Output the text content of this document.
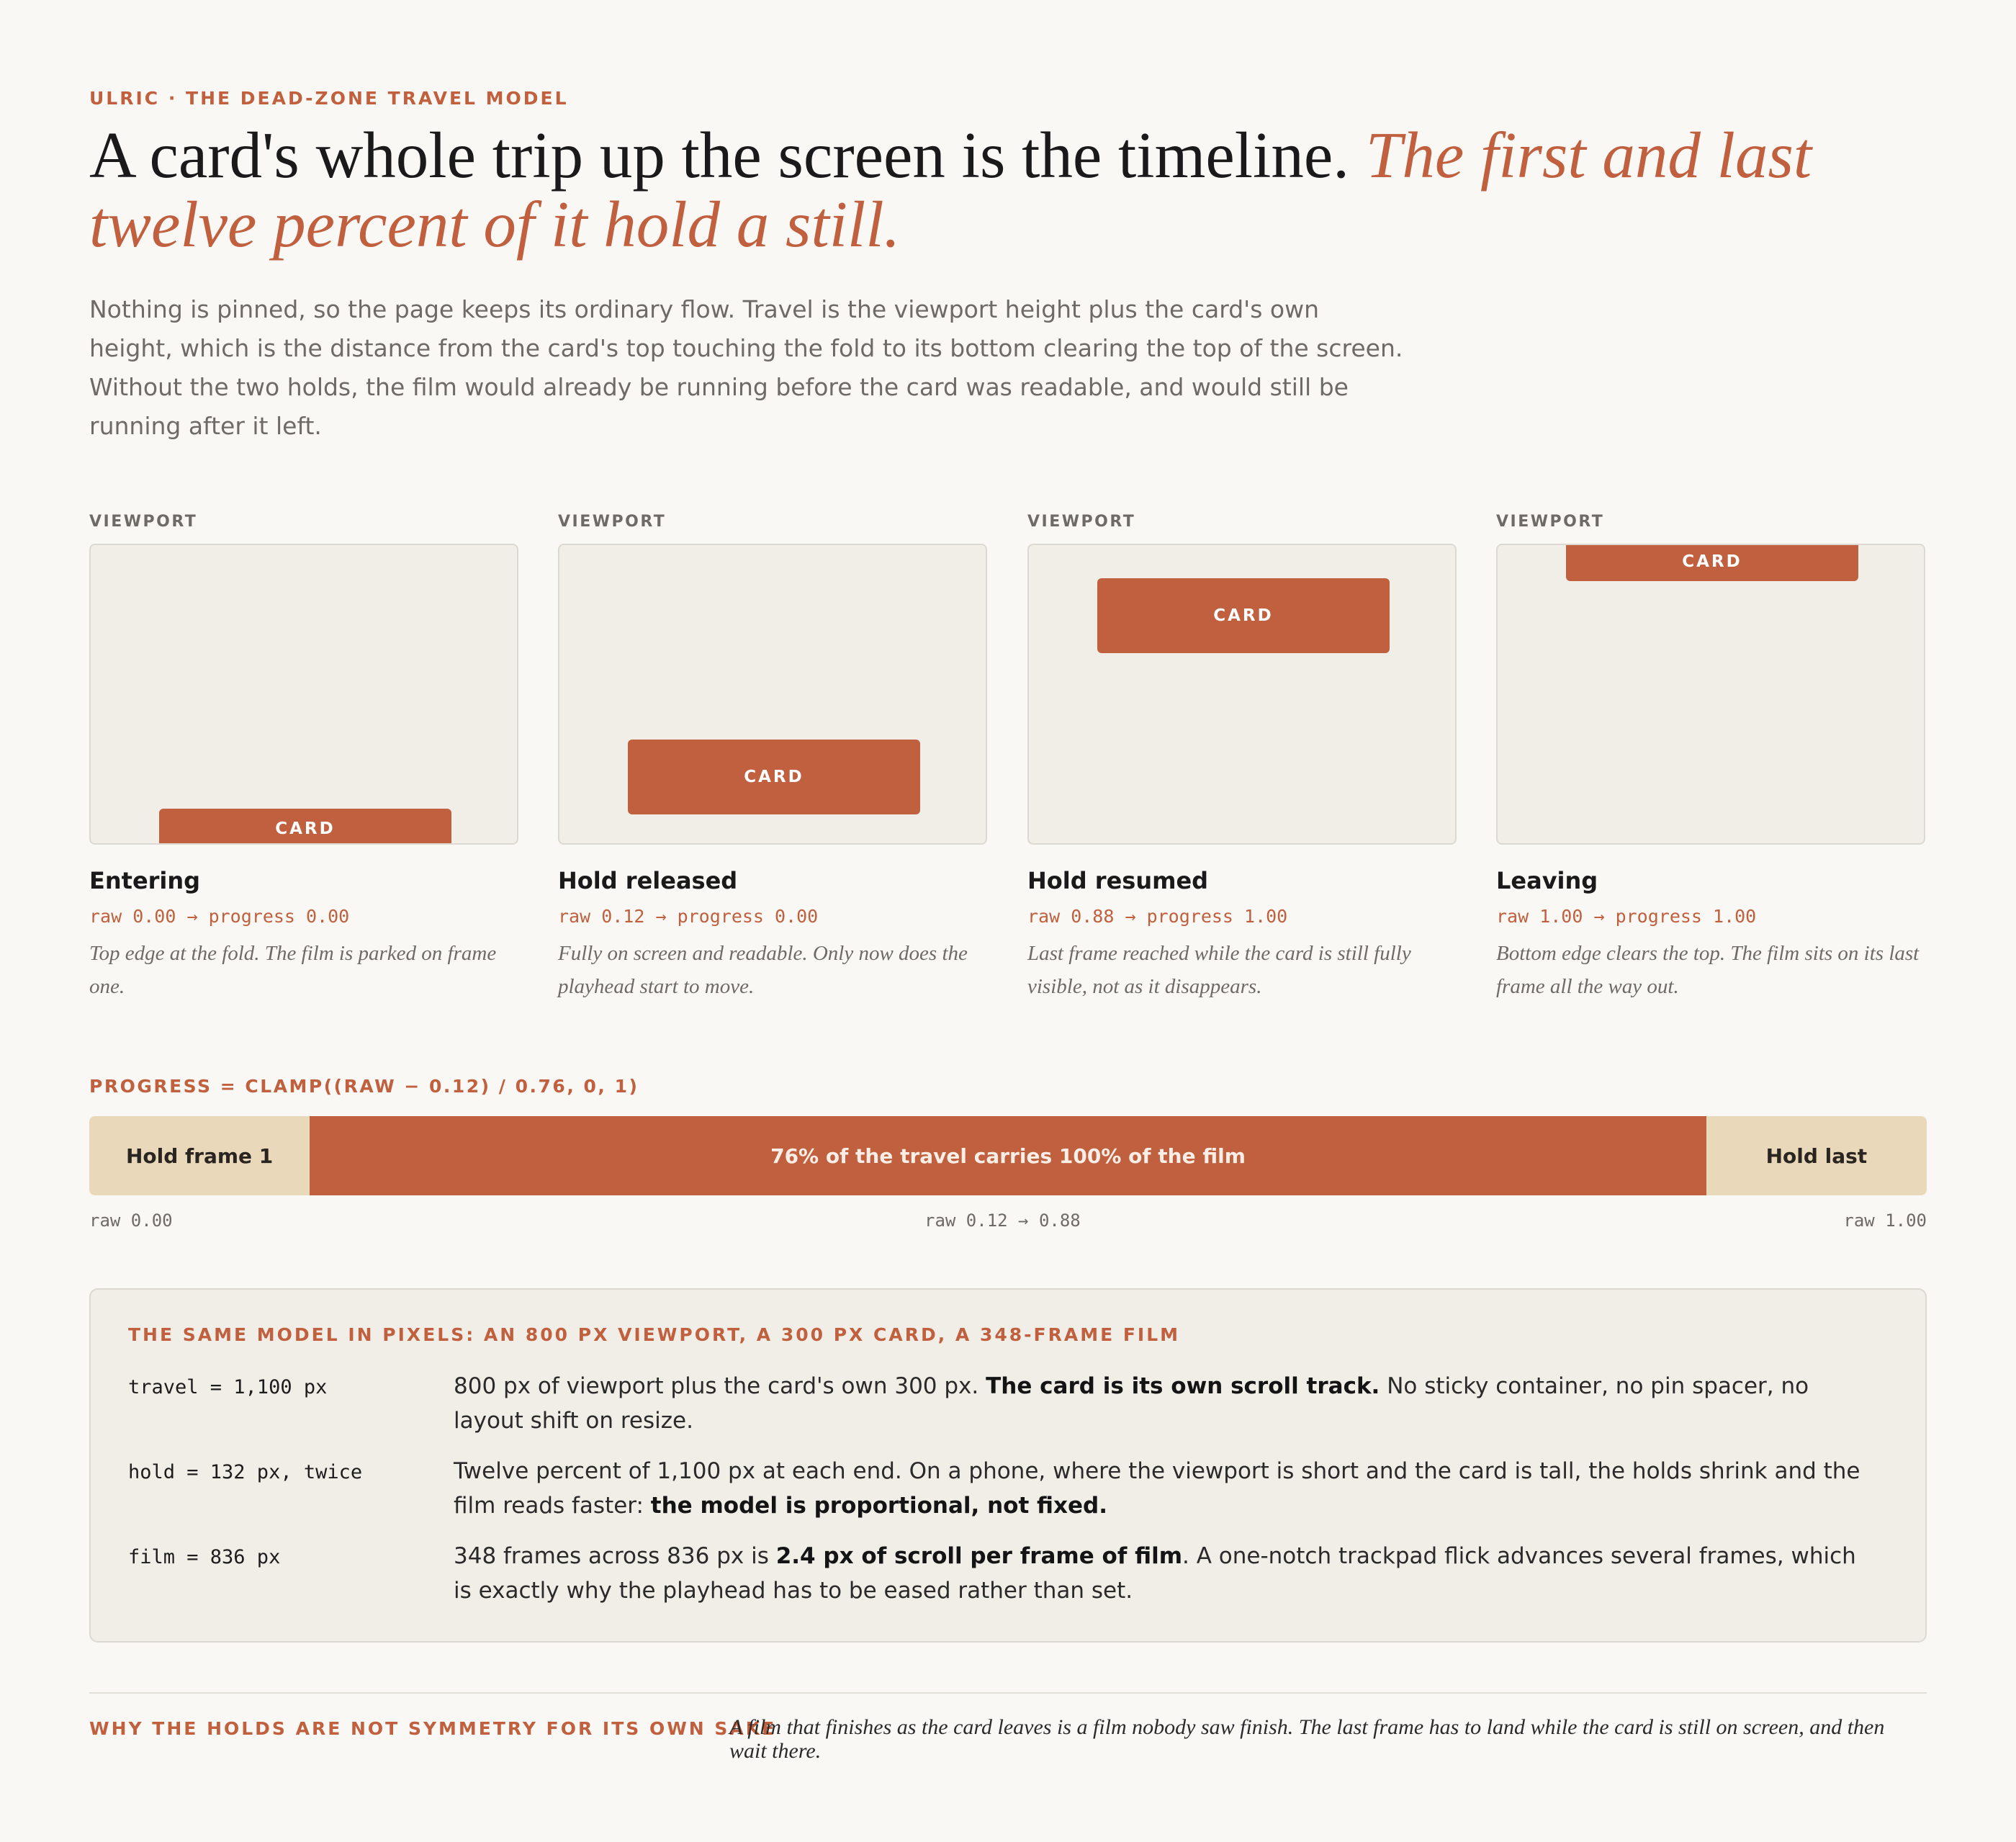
ULRIC · THE DEAD-ZONE TRAVEL MODEL
A card's whole trip up the screen is the timeline. The first and last twelve percent of it hold a still.
Nothing is pinned, so the page keeps its ordinary flow. Travel is the viewport height plus the card's own height, which is the distance from the card's top touching the fold to its bottom clearing the top of the screen. Without the two holds, the film would already be running before the card was readable, and would still be running after it left.
VIEWPORT
CARD
Entering
raw 0.00 → progress 0.00
Top edge at the fold. The film is parked on frame one.
VIEWPORT
CARD
Hold released
raw 0.12 → progress 0.00
Fully on screen and readable. Only now does the playhead start to move.
VIEWPORT
CARD
Hold resumed
raw 0.88 → progress 1.00
Last frame reached while the card is still fully visible, not as it disappears.
VIEWPORT
CARD
Leaving
raw 1.00 → progress 1.00
Bottom edge clears the top. The film sits on its last frame all the way out.
PROGRESS = CLAMP((RAW − 0.12) / 0.76, 0, 1)
Hold frame 1	76% of the travel carries 100% of the film	Hold last
raw 0.00	raw 0.12 → 0.88	raw 1.00
THE SAME MODEL IN PIXELS: AN 800 PX VIEWPORT, A 300 PX CARD, A 348-FRAME FILM
travel = 1,100 px	800 px of viewport plus the card's own 300 px. The card is its own scroll track. No sticky container, no pin spacer, no layout shift on resize.
hold = 132 px, twice	Twelve percent of 1,100 px at each end. On a phone, where the viewport is short and the card is tall, the holds shrink and the film reads faster: the model is proportional, not fixed.
film = 836 px	348 frames across 836 px is 2.4 px of scroll per frame of film. A one-notch trackpad flick advances several frames, which is exactly why the playhead has to be eased rather than set.
WHY THE HOLDS ARE NOT SYMMETRY FOR ITS OWN SAKE
A film that finishes as the card leaves is a film nobody saw finish. The last frame has to land while the card is still on screen, and then wait there.
